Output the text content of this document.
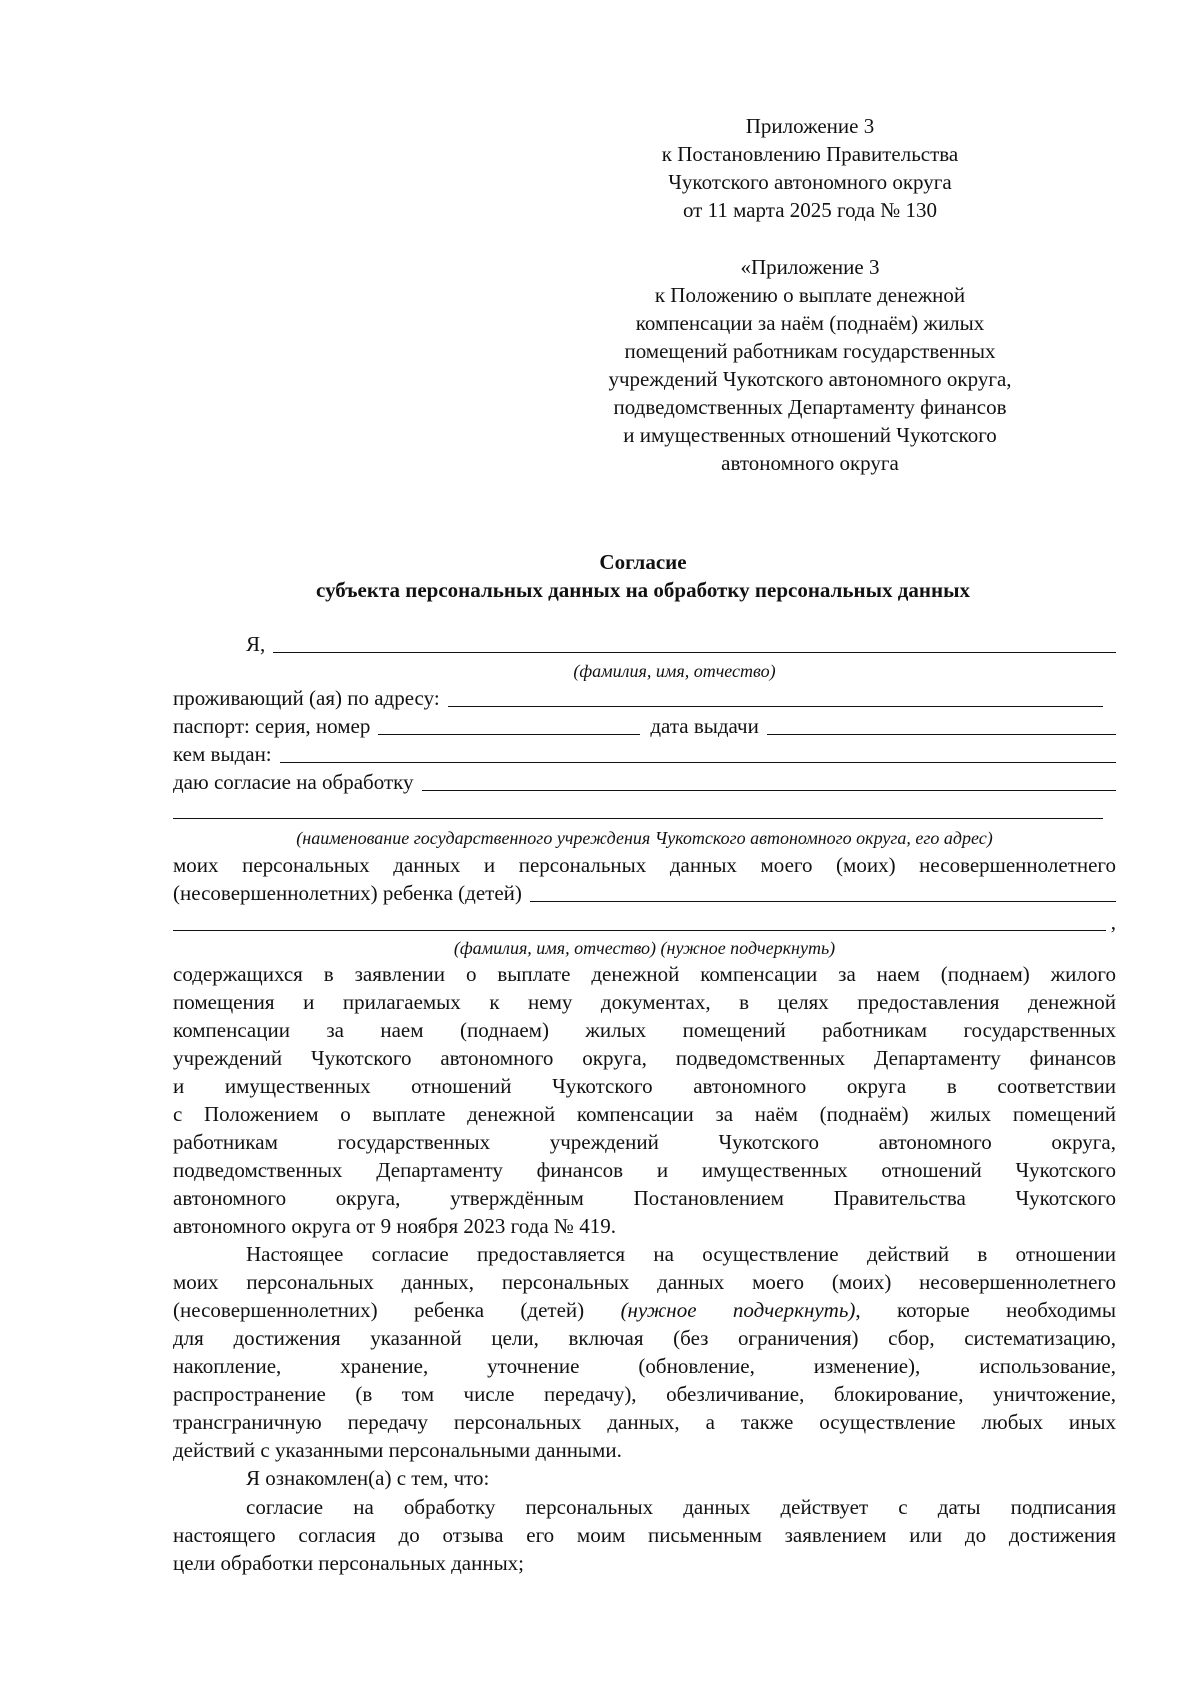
Приложение 3
к Постановлению Правительства
Чукотского автономного округа
от 11 марта 2025 года № 130
«Приложение 3
к Положению о выплате денежной
компенсации за наём (поднаём) жилых
помещений работникам государственных
учреждений Чукотского автономного округа,
подведомственных Департаменту финансов
и имущественных отношений Чукотского
автономного округа
Согласие
субъекта персональных данных на обработку персональных данных
Я,
(фамилия, имя, отчество)
проживающий (ая) по адресу:
паспорт: серия, номер	дата выдачи
кем выдан:
даю согласие на обработку
(наименование государственного учреждения Чукотского автономного округа, его адрес)
моих персональных данных и персональных данных моего (моих) несовершеннолетнего
(несовершеннолетних) ребенка (детей)
,
(фамилия, имя, отчество) (нужное подчеркнуть)
содержащихся в заявлении о выплате денежной компенсации за наем (поднаем) жилого
помещения и прилагаемых к нему документах, в целях предоставления денежной
компенсации за наем (поднаем) жилых помещений работникам государственных
учреждений Чукотского автономного округа, подведомственных Департаменту финансов
и имущественных отношений Чукотского автономного округа в соответствии
с Положением о выплате денежной компенсации за наём (поднаём) жилых помещений
работникам государственных учреждений Чукотского автономного округа,
подведомственных Департаменту финансов и имущественных отношений Чукотского
автономного округа, утверждённым Постановлением Правительства Чукотского
автономного округа от 9 ноября 2023 года № 419.
Настоящее согласие предоставляется на осуществление действий в отношении
моих персональных данных, персональных данных моего (моих) несовершеннолетнего
(несовершеннолетних) ребенка (детей) (нужное подчеркнуть), которые необходимы
для достижения указанной цели, включая (без ограничения) сбор, систематизацию,
накопление, хранение, уточнение (обновление, изменение), использование,
распространение (в том числе передачу), обезличивание, блокирование, уничтожение,
трансграничную передачу персональных данных, а также осуществление любых иных
действий с указанными персональными данными.
Я ознакомлен(а) с тем, что:
согласие на обработку персональных данных действует с даты подписания
настоящего согласия до отзыва его моим письменным заявлением или до достижения
цели обработки персональных данных;
